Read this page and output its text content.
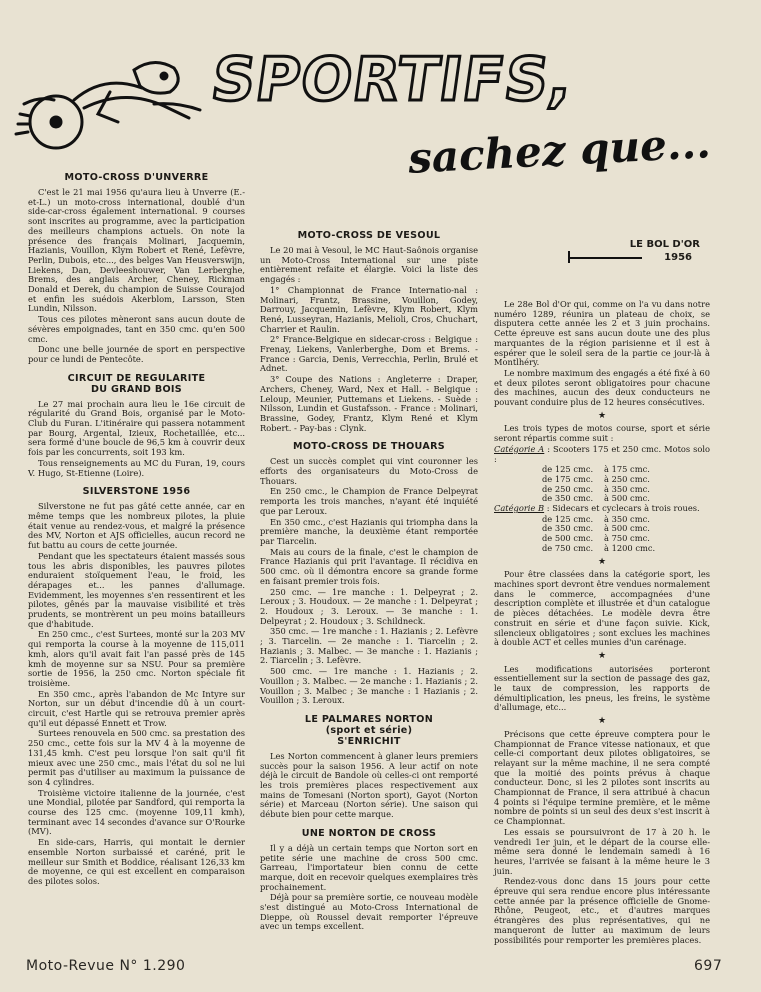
SPORTIFS,
sachez que...
MOTO-CROSS D'UNVERRE

C'est le 21 mai 1956 qu'aura lieu à Unverre (E.-et-L.) un moto-cross international, doublé d'un side-car-cross également international. 9 courses sont inscrites au programme, avec la participation des meilleurs champions actuels. On note la présence des français Molinari, Jacquemin, Hazianis, Vouillon, Klym Robert et René, Lefèvre, Perlin, Dubois, etc..., des belges Van Heusverswijn, Liekens, Dan, Devleeshouwer, Van Lerberghe, Brems, des anglais Archer, Cheney, Rickman Donald et Derek, du champion de Suisse Courajod et enfin les suédois Akerblom, Larsson, Sten Lundin, Nilsson.

Tous ces pilotes mèneront sans aucun doute de sévères empoignades, tant en 350 cmc. qu'en 500 cmc.

Donc une belle journée de sport en perspective pour ce lundi de Pentecôte.

CIRCUIT DE REGULARITE
DU GRAND BOIS

Le 27 mai prochain aura lieu le 16e circuit de régularité du Grand Bois, organisé par le Moto-Club du Furan. L'itinéraire qui passera notamment par Bourg, Argental, Izieux, Rochetaillée, etc... sera formé d'une boucle de 96,5 km à couvrir deux fois par les concurrents, soit 193 km.

Tous renseignements au MC du Furan, 19, cours V. Hugo, St-Etienne (Loire).

SILVERSTONE 1956

Silverstone ne fut pas gâté cette année, car en même temps que les nombreux pilotes, la pluie était venue au rendez-vous, et malgré la présence des MV, Norton et AJS officielles, aucun record ne fut battu au cours de cette journée.

Pendant que les spectateurs étaient massés sous tous les abris disponibles, les pauvres pilotes enduraient stoïquement l'eau, le froid, les dérapages et... les pannes d'allumage. Evidemment, les moyennes s'en ressentirent et les pilotes, gênés par la mauvaise visibilité et très prudents, se montrèrent un peu moins batailleurs que d'habitude.

En 250 cmc., c'est Surtees, monté sur la 203 MV qui remporta la course à la moyenne de 115,011 kmh, alors qu'il avait fait l'an passé près de 145 kmh de moyenne sur sa NSU. Pour sa première sortie de 1956, la 250 cmc. Norton spéciale fit troisième.

En 350 cmc., après l'abandon de Mc Intyre sur Norton, sur un début d'incendie dû à un court-circuit, c'est Hartle qui se retrouva premier après qu'il eut dépassé Ennett et Trow.

Surtees renouvela en 500 cmc. sa prestation des 250 cmc., cette fois sur la MV 4 à la moyenne de 131,45 kmh. C'est peu lorsque l'on sait qu'il fit mieux avec une 250 cmc., mais l'état du sol ne lui permit pas d'utiliser au maximum la puissance de son 4 cylindres.

Troisième victoire italienne de la journée, c'est une Mondial, pilotée par Sandford, qui remporta la course des 125 cmc. (moyenne 109,11 kmh), terminant avec 14 secondes d'avance sur O'Rourke (MV).

En side-cars, Harris, qui montait le dernier ensemble Norton surbaissé et caréné, prit le meilleur sur Smith et Boddice, réalisant 126,33 km de moyenne, ce qui est excellent en comparaison des pilotes solos.

MOTO-CROSS DE VESOUL

Le 20 mai à Vesoul, le MC Haut-Saônois organise un Moto-Cross International sur une piste entièrement refaite et élargie. Voici la liste des engagés :

1° Championnat de France Internatio-nal : Molinari, Frantz, Brassine, Vouillon, Godey, Darrouy, Jacquemin, Lefèvre, Klym Robert, Klym René, Lusseyran, Hazianis, Melioli, Cros, Chuchart, Charrier et Raulin.

2° France-Belgique en sidecar-cross : Belgique : Frenay, Liekens, Vanlerberghe, Dom et Brems. - France : Garcia, Denis, Verrecchia, Perlin, Brulé et Adnet.

3° Coupe des Nations : Angleterre : Draper, Archers, Cheney, Ward, Nex et Hall. - Belgique : Leloup, Meunier, Puttemans et Liekens. - Suède : Nilsson, Lundin et Gustafsson. - France : Molinari, Brassine, Godey, Frantz, Klym René et Klym Robert. - Pay-bas : Clynk.

MOTO-CROSS DE THOUARS

Cest un succès complet qui vint couronner les efforts des organisateurs du Moto-Cross de Thouars.

En 250 cmc., le Champion de France Delpeyrat remporta les trois manches, n'ayant été inquiété que par Leroux.

En 350 cmc., c'est Hazianis qui triompha dans la première manche, la deuxième étant remportée par Tiarcelin.

Mais au cours de la finale, c'est le champion de France Hazianis qui prit l'avantage. Il récidiva en 500 cmc. où il démontra encore sa grande forme en faisant premier trois fois.

250 cmc. — 1re manche : 1. Delpeyrat ; 2. Leroux ; 3. Houdoux. — 2e manche : 1. Delpeyrat ; 2. Houdoux ; 3. Leroux. — 3e manche : 1. Delpeyrat ; 2. Houdoux ; 3. Schildneck.

350 cmc. — 1re manche : 1. Hazianis ; 2. Lefèvre ; 3. Tiarcelin. — 2e manche : 1. Tiarcelin ; 2. Hazianis ; 3. Malbec. — 3e manche : 1. Hazianis ; 2. Tiarcelin ; 3. Lefèvre.

500 cmc. — 1re manche : 1. Hazianis ; 2. Vouillon ; 3. Malbec. — 2e manche : 1. Hazianis ; 2. Vouillon ; 3. Malbec ; 3e manche : 1 Hazianis ; 2. Vouillon ; 3. Leroux.

LE PALMARES NORTON
(sport et série)
S'ENRICHIT

Les Norton commencent à glaner leurs premiers succès pour la saison 1956. A leur actif on note déjà le circuit de Bandole où celles-ci ont remporté les trois premières places respectivement aux mains de Tomesani (Norton sport), Gayot (Norton série) et Marceau (Norton série). Une saison qui débute bien pour cette marque.

UNE NORTON DE CROSS

Il y a déjà un certain temps que Norton sort en petite série une machine de cross 500 cmc. Garreau, l'importateur bien connu de cette marque, doit en recevoir quelques exemplaires très prochainement.

Déjà pour sa première sortie, ce nouveau modèle s'est distingué au Moto-Cross International de Dieppe, où Roussel devait remporter l'épreuve avec un temps excellent.

LE BOL D'OR
1956

Le 28e Bol d'Or qui, comme on l'a vu dans notre numéro 1289, réunira un plateau de choix, se disputera cette année les 2 et 3 juin prochains. Cette épreuve est sans aucun doute une des plus marquantes de la région parisienne et il est à espérer que le soleil sera de la partie ce jour-là à Montlhéry.

Le nombre maximum des engagés a été fixé à 60 et deux pilotes seront obligatoires pour chacune des machines, aucun des deux conducteurs ne pouvant conduire plus de 12 heures consécutives.

★

Les trois types de motos course, sport et série seront répartis comme suit :

Catégorie A : Scooters 175 et 250 cmc. Motos solo :

de 125 cmc.	à 175 cmc.
de 175 cmc.	à 250 cmc.
de 250 cmc.	à 350 cmc.
de 350 cmc.	à 500 cmc.

Catégorie B : Sidecars et cyclecars à trois roues.

de 125 cmc.	à 350 cmc.
de 350 cmc.	à 500 cmc.
de 500 cmc.	à 750 cmc.
de 750 cmc.	à 1200 cmc.
★

Pour être classées dans la catégorie sport, les machines sport devront être vendues normalement dans le commerce, accompagnées d'une description complète et illustrée et d'un catalogue de pièces détachées. Le modèle devra être construit en série et d'une façon suivie. Kick, silencieux obligatoires ; sont exclues les machines à double ACT et celles munies d'un carénage.

★

Les modifications autorisées porteront essentiellement sur la section de passage des gaz, le taux de compression, les rapports de démultiplication, les pneus, les freins, le système d'allumage, etc...

★

Précisons que cette épreuve comptera pour le Championnat de France vitesse nationaux, et que celle-ci comportant deux pilotes obligatoires, se relayant sur la même machine, il ne sera compté que la moitié des points prévus à chaque conducteur. Donc, si les 2 pilotes sont inscrits au Championnat de France, il sera attribué à chacun 4 points si l'équipe termine première, et le même nombre de points si un seul des deux s'est inscrit à ce Championnat.

Les essais se poursuivront de 17 à 20 h. le vendredi 1er juin, et le départ de la course elle-même sera donné le lendemain samedi à 16 heures, l'arrivée se faisant à la même heure le 3 juin.

Rendez-vous donc dans 15 jours pour cette épreuve qui sera rendue encore plus intéressante cette année par la présence officielle de Gnome-Rhône, Peugeot, etc., et d'autres marques étrangères des plus représentatives, qui ne manqueront de lutter au maximum de leurs possibilités pour remporter les premières places.

Moto-Revue N° 1.290	697
